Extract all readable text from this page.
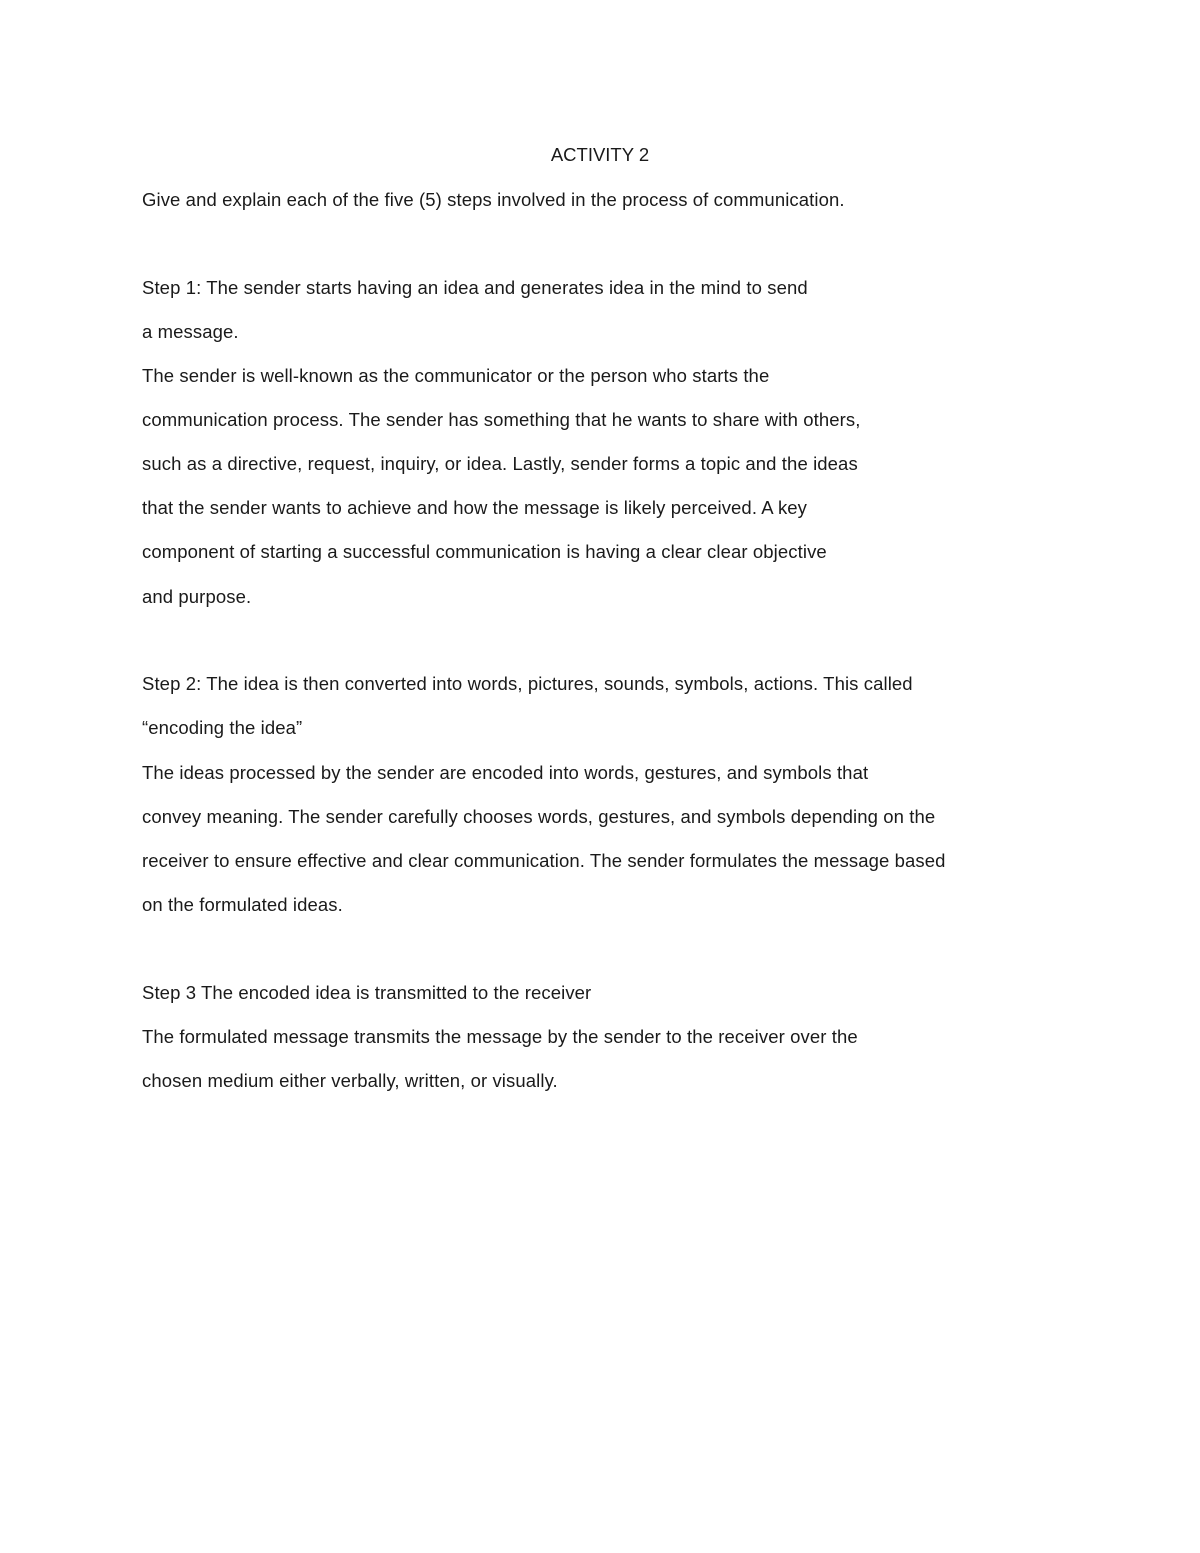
ACTIVITY 2
Give and explain each of the five (5) steps involved in the process of communication.
Step 1: The sender starts having an idea and generates idea in the mind to send
a message.
The sender is well-known as the communicator or the person who starts the
communication process. The sender has something that he wants to share with others,
such as a directive, request, inquiry, or idea. Lastly, sender forms a topic and the ideas
that the sender wants to achieve and how the message is likely perceived. A key
component of starting a successful communication is having a clear clear objective
and purpose.
Step 2: The idea is then converted into words, pictures, sounds, symbols, actions. This called
“encoding the idea”
The ideas processed by the sender are encoded into words, gestures, and symbols that
convey meaning. The sender carefully chooses words, gestures, and symbols depending on the
receiver to ensure effective and clear communication. The sender formulates the message based
on the formulated ideas.
Step 3 The encoded idea is transmitted to the receiver
The formulated message transmits the message by the sender to the receiver over the
chosen medium either verbally, written, or visually.
